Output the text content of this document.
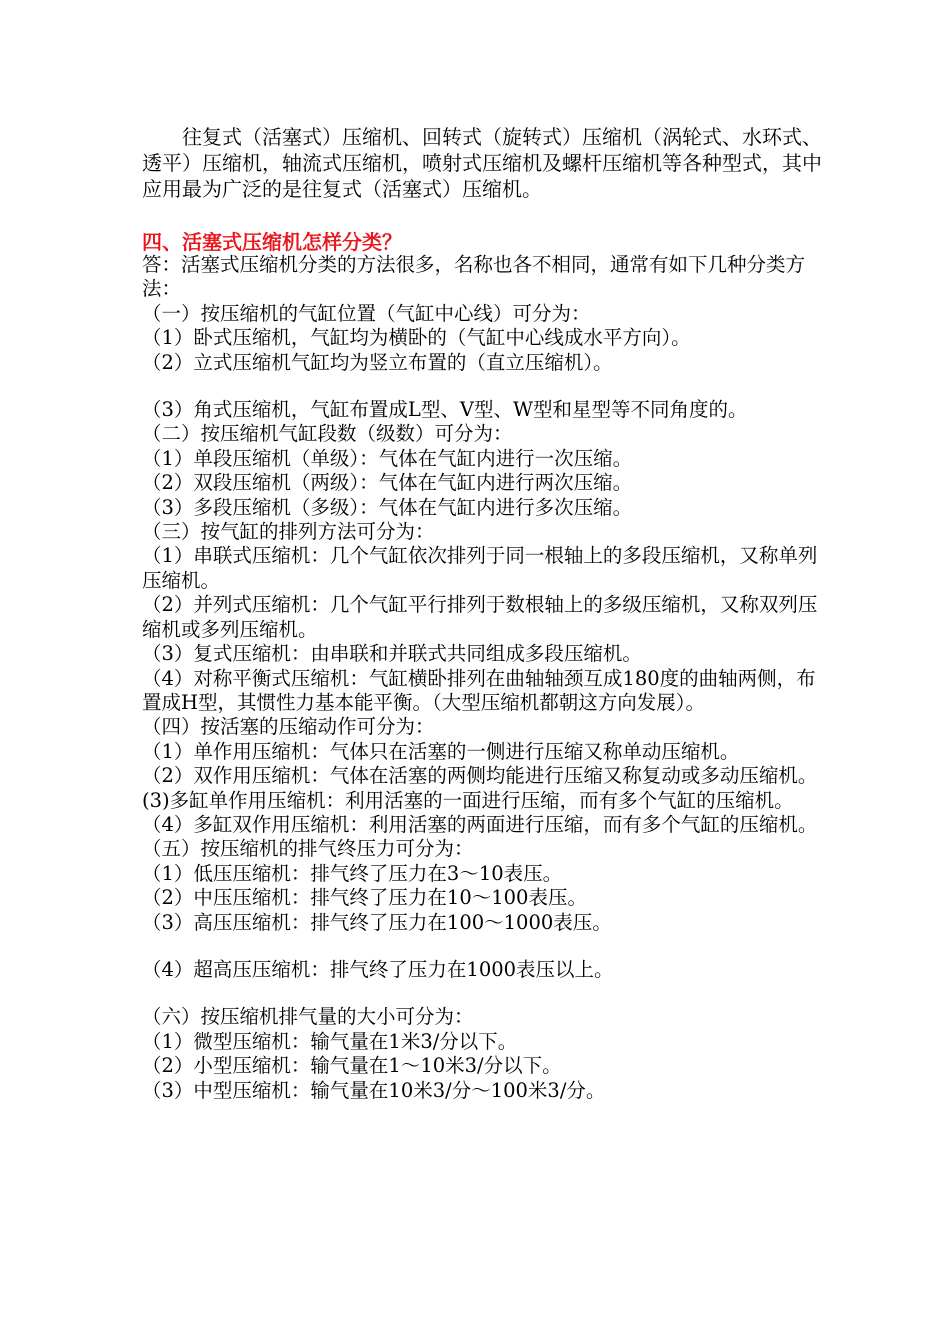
往复式（活塞式）压缩机、回转式（旋转式）压缩机（涡轮式、水环式、透平）压缩机，轴流式压缩机，喷射式压缩机及螺杆压缩机等各种型式，其中应用最为广泛的是往复式（活塞式）压缩机。

四、活塞式压缩机怎样分类？

答：活塞式压缩机分类的方法很多，名称也各不相同，通常有如下几种分类方法：

（一）按压缩机的气缸位置（气缸中心线）可分为：

（1）卧式压缩机，气缸均为横卧的（气缸中心线成水平方向）。

（2）立式压缩机气缸均为竖立布置的（直立压缩机）。

（3）角式压缩机，气缸布置成L型、V型、W型和星型等不同角度的。

（二）按压缩机气缸段数（级数）可分为：

（1）单段压缩机（单级）：气体在气缸内进行一次压缩。

（2）双段压缩机（两级）：气体在气缸内进行两次压缩。

（3）多段压缩机（多级）：气体在气缸内进行多次压缩。

（三）按气缸的排列方法可分为：

（1）串联式压缩机：几个气缸依次排列于同一根轴上的多段压缩机，又称单列压缩机。

（2）并列式压缩机：几个气缸平行排列于数根轴上的多级压缩机，又称双列压缩机或多列压缩机。

（3）复式压缩机：由串联和并联式共同组成多段压缩机。

（4）对称平衡式压缩机：气缸横卧排列在曲轴轴颈互成180度的曲轴两侧，布置成H型，其惯性力基本能平衡。（大型压缩机都朝这方向发展）。

（四）按活塞的压缩动作可分为：

（1）单作用压缩机：气体只在活塞的一侧进行压缩又称单动压缩机。

（2）双作用压缩机：气体在活塞的两侧均能进行压缩又称复动或多动压缩机。

(3)多缸单作用压缩机：利用活塞的一面进行压缩，而有多个气缸的压缩机。

（4）多缸双作用压缩机：利用活塞的两面进行压缩，而有多个气缸的压缩机。

（五）按压缩机的排气终压力可分为：

（1）低压压缩机：排气终了压力在3～10表压。

（2）中压压缩机：排气终了压力在10～100表压。

（3）高压压缩机：排气终了压力在100～1000表压。

（4）超高压压缩机：排气终了压力在1000表压以上。

（六）按压缩机排气量的大小可分为：

（1）微型压缩机：输气量在1米3/分以下。

（2）小型压缩机：输气量在1～10米3/分以下。

（3）中型压缩机：输气量在10米3/分～100米3/分。
